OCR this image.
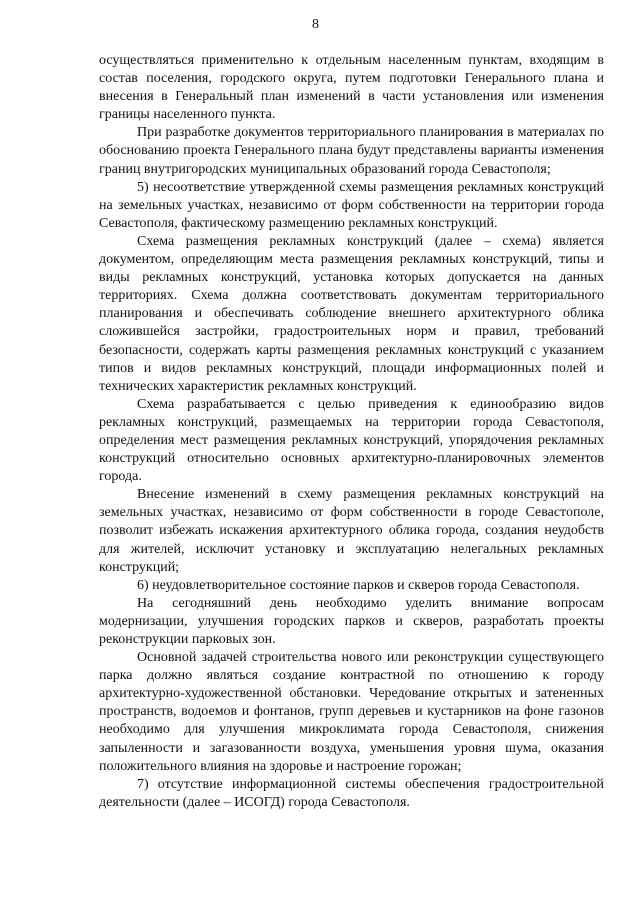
8

осуществляться применительно к отдельным населенным пунктам, входящим в состав поселения, городского округа, путем подготовки Генерального плана и внесения в Генеральный план изменений в части установления или изменения границы населенного пункта.

При разработке документов территориального планирования в материалах по обоснованию проекта Генерального плана будут представлены варианты изменения границ внутригородских муниципальных образований города Севастополя;

5) несоответствие утвержденной схемы размещения рекламных конструкций на земельных участках, независимо от форм собственности на территории города Севастополя, фактическому размещению рекламных конструкций.

Схема размещения рекламных конструкций (далее – схема) является документом, определяющим места размещения рекламных конструкций, типы и виды рекламных конструкций, установка которых допускается на данных территориях. Схема должна соответствовать документам территориального планирования и обеспечивать соблюдение внешнего архитектурного облика сложившейся застройки, градостроительных норм и правил, требований безопасности, содержать карты размещения рекламных конструкций с указанием типов и видов рекламных конструкций, площади информационных полей и технических характеристик рекламных конструкций.

Схема разрабатывается с целью приведения к единообразию видов рекламных конструкций, размещаемых на территории города Севастополя, определения мест размещения рекламных конструкций, упорядочения рекламных конструкций относительно основных архитектурно-планировочных элементов города.

Внесение изменений в схему размещения рекламных конструкций на земельных участках, независимо от форм собственности в городе Севастополе, позволит избежать искажения архитектурного облика города, создания неудобств для жителей, исключит установку и эксплуатацию нелегальных рекламных конструкций;

6) неудовлетворительное состояние парков и скверов города Севастополя.

На сегодняшний день необходимо уделить внимание вопросам модернизации, улучшения городских парков и скверов, разработать проекты реконструкции парковых зон.

Основной задачей строительства нового или реконструкции существующего парка должно являться создание контрастной по отношению к городу архитектурно-художественной обстановки. Чередование открытых и затененных пространств, водоемов и фонтанов, групп деревьев и кустарников на фоне газонов необходимо для улучшения микроклимата города Севастополя, снижения запыленности и загазованности воздуха, уменьшения уровня шума, оказания положительного влияния на здоровье и настроение горожан;

7) отсутствие информационной системы обеспечения градостроительной деятельности (далее – ИСОГД) города Севастополя.
